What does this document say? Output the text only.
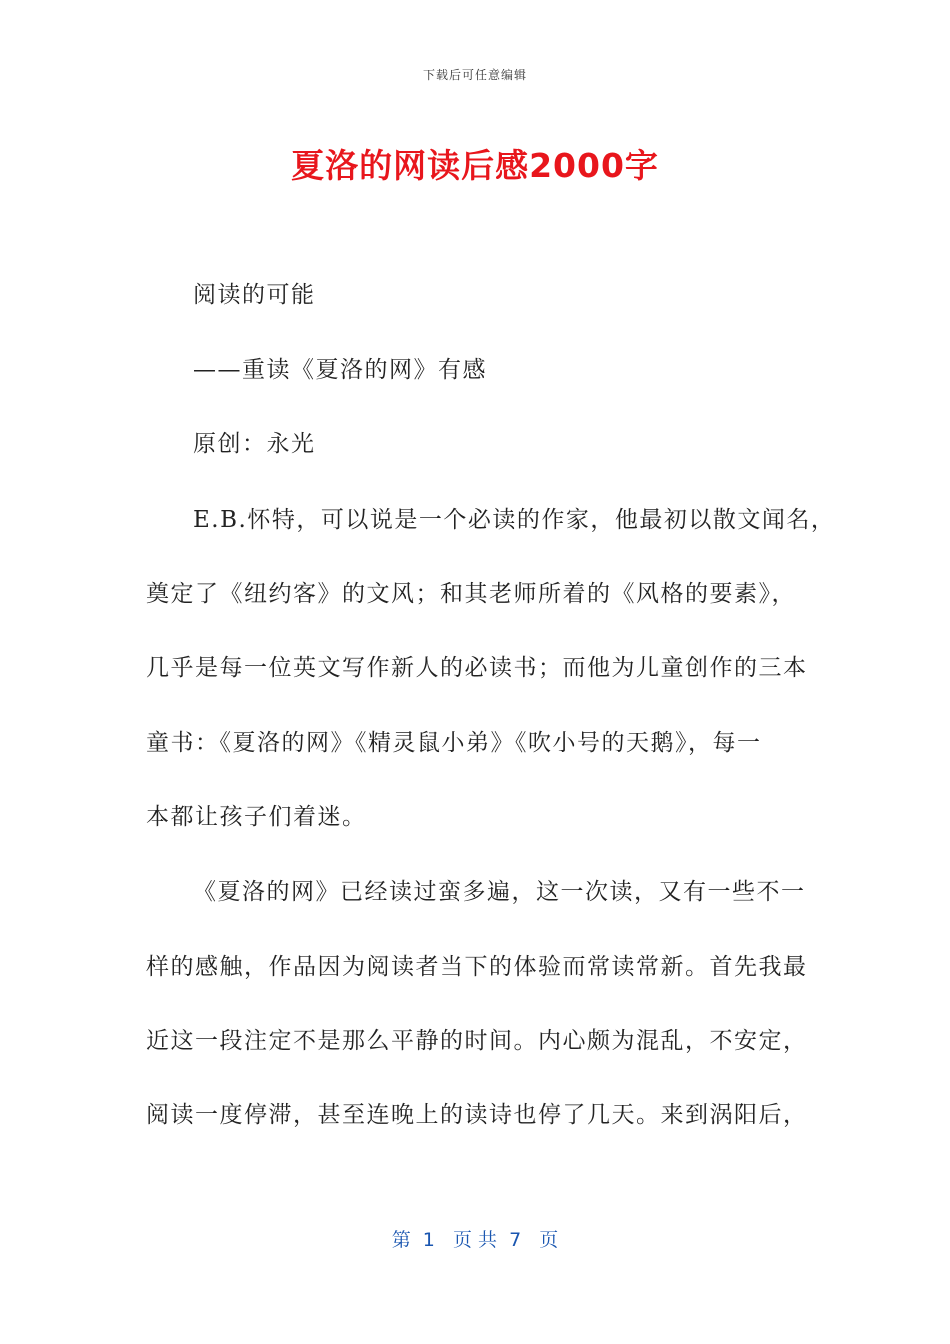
下载后可任意编辑
夏洛的网读后感2000字
阅读的可能
——重读《夏洛的网》有感
原创：永光
E.B.怀特，可以说是一个必读的作家，他最初以散文闻名，
奠定了《纽约客》的文风；和其老师所着的《风格的要素》，
几乎是每一位英文写作新人的必读书；而他为儿童创作的三本
童书：《夏洛的网》《精灵鼠小弟》《吹小号的天鹅》，每一
本都让孩子们着迷。
《夏洛的网》已经读过蛮多遍，这一次读，又有一些不一
样的感触，作品因为阅读者当下的体验而常读常新。首先我最
近这一段注定不是那么平静的时间。内心颇为混乱，不安定，
阅读一度停滞，甚至连晚上的读诗也停了几天。来到涡阳后，
第  1   页 共  7   页
